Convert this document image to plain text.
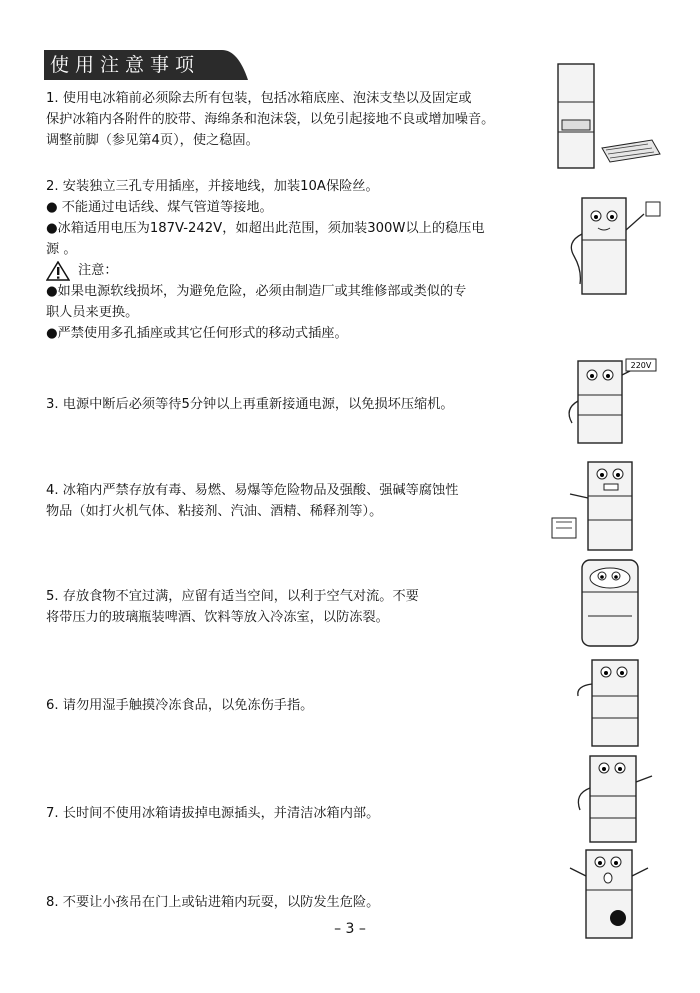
使用注意事项

1. 使用电冰箱前必须除去所有包装，包括冰箱底座、泡沫支垫以及固定或

保护冰箱内各附件的胶带、海绵条和泡沫袋，以免引起接地不良或增加噪音。

调整前脚（参见第4页），使之稳固。

2. 安装独立三孔专用插座，并接地线，加装10A保险丝。

● 不能通过电话线、煤气管道等接地。

●冰箱适用电压为187V-242V，如超出此范围，须加装300W以上的稳压电

源 。

注意：

●如果电源软线损坏，为避免危险，必须由制造厂或其维修部或类似的专

职人员来更换。

●严禁使用多孔插座或其它任何形式的移动式插座。

3. 电源中断后必须等待5分钟以上再重新接通电源，以免损坏压缩机。

4. 冰箱内严禁存放有毒、易燃、易爆等危险物品及强酸、强碱等腐蚀性

物品（如打火机气体、粘接剂、汽油、酒精、稀释剂等）。

5. 存放食物不宜过满，应留有适当空间，以利于空气对流。不要

将带压力的玻璃瓶装啤酒、饮料等放入冷冻室，以防冻裂。

6. 请勿用湿手触摸冷冻食品，以免冻伤手指。

7. 长时间不使用冰箱请拔掉电源插头，并清洁冰箱内部。

8. 不要让小孩吊在门上或钻进箱内玩耍，以防发生危险。

220V
– 3 –
